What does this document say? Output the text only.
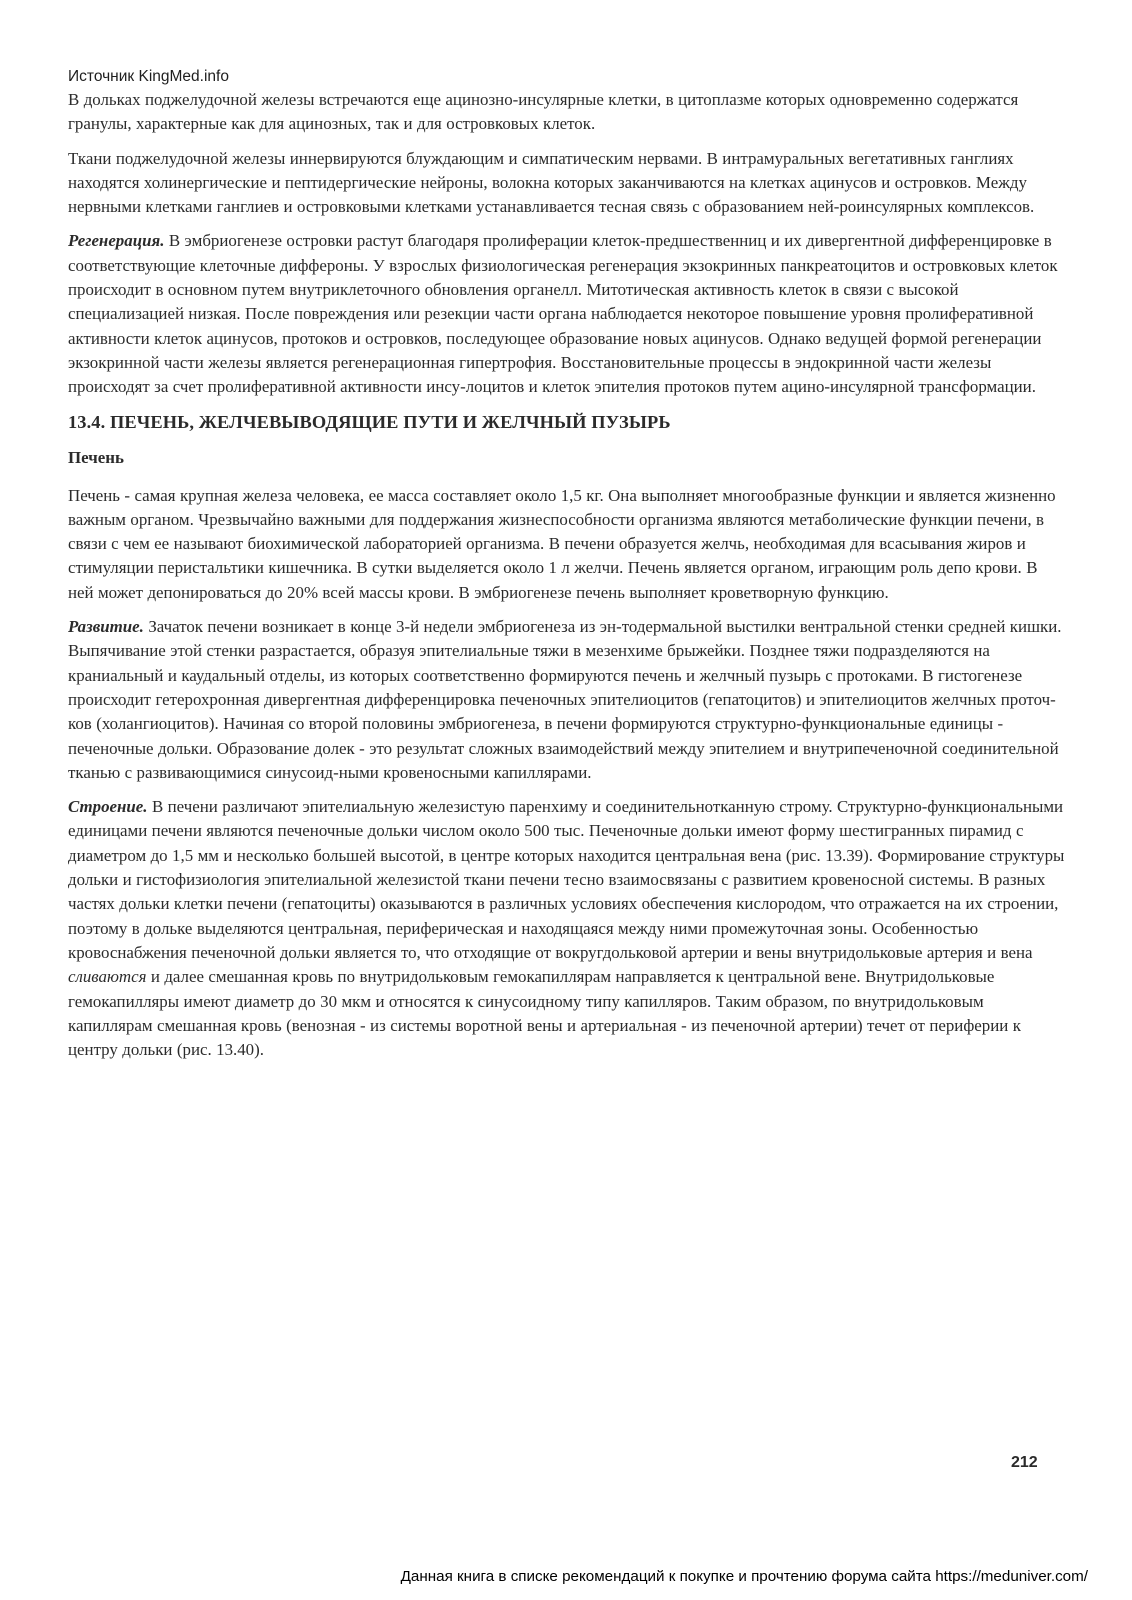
Источник KingMed.info

В дольках поджелудочной железы встречаются еще ацинозно-инсулярные клетки, в цитоплазме которых одновременно содержатся гранулы, характерные как для ацинозных, так и для островковых клеток.

Ткани поджелудочной железы иннервируются блуждающим и симпатическим нервами. В интрамуральных вегетативных ганглиях находятся холинергические и пептидергические нейроны, волокна которых заканчиваются на клетках ацинусов и островков. Между нервными клетками ганглиев и островковыми клетками устанавливается тесная связь с образованием ней-роинсулярных комплексов.

Регенерация. В эмбриогенезе островки растут благодаря пролиферации клеток-предшественниц и их дивергентной дифференцировке в соответствующие клеточные диффероны. У взрослых физиологическая регенерация экзокринных панкреатоцитов и островковых клеток происходит в основном путем внутриклеточного обновления органелл. Митотическая активность клеток в связи с высокой специализацией низкая. После повреждения или резекции части органа наблюдается некоторое повышение уровня пролиферативной активности клеток ацинусов, протоков и островков, последующее образование новых ацинусов. Однако ведущей формой регенерации экзокринной части железы является регенерационная гипертрофия. Восстановительные процессы в эндокринной части железы происходят за счет пролиферативной активности инсу-лоцитов и клеток эпителия протоков путем ацино-инсулярной трансформации.

13.4. ПЕЧЕНЬ, ЖЕЛЧЕВЫВОДЯЩИЕ ПУТИ И ЖЕЛЧНЫЙ ПУЗЫРЬ
Печень

Печень - самая крупная железа человека, ее масса составляет около 1,5 кг. Она выполняет многообразные функции и является жизненно важным органом. Чрезвычайно важными для поддержания жизнеспособности организма являются метаболические функции печени, в связи с чем ее называют биохимической лабораторией организма. В печени образуется желчь, необходимая для всасывания жиров и стимуляции перистальтики кишечника. В сутки выделяется около 1 л желчи. Печень является органом, играющим роль депо крови. В ней может депонироваться до 20% всей массы крови. В эмбриогенезе печень выполняет кроветворную функцию.

Развитие. Зачаток печени возникает в конце 3-й недели эмбриогенеза из эн-тодермальной выстилки вентральной стенки средней кишки. Выпячивание этой стенки разрастается, образуя эпителиальные тяжи в мезенхиме брыжейки. Позднее тяжи подразделяются на краниальный и каудальный отделы, из которых соответственно формируются печень и желчный пузырь с протоками. В гистогенезе происходит гетерохронная дивергентная дифференцировка печеночных эпителиоцитов (гепатоцитов) и эпителиоцитов желчных проточ-ков (холангиоцитов). Начиная со второй половины эмбриогенеза, в печени формируются структурно-функциональные единицы - печеночные дольки. Образование долек - это результат сложных взаимодействий между эпителием и внутрипеченочной соединительной тканью с развивающимися синусоид-ными кровеносными капиллярами.

Строение. В печени различают эпителиальную железистую паренхиму и соединительнотканную строму. Структурно-функциональными единицами печени являются печеночные дольки числом около 500 тыс. Печеночные дольки имеют форму шестигранных пирамид с диаметром до 1,5 мм и несколько большей высотой, в центре которых находится центральная вена (рис. 13.39). Формирование структуры дольки и гистофизиология эпителиальной железистой ткани печени тесно взаимосвязаны с развитием кровеносной системы. В разных частях дольки клетки печени (гепатоциты) оказываются в различных условиях обеспечения кислородом, что отражается на их строении, поэтому в дольке выделяются центральная, периферическая и находящаяся между ними промежуточная зоны. Особенностью кровоснабжения печеночной дольки является то, что отходящие от вокругдольковой артерии и вены внутридольковые артерия и вена сливаются и далее смешанная кровь по внутридольковым гемокапиллярам направляется к центральной вене. Внутридольковые гемокапилляры имеют диаметр до 30 мкм и относятся к синусоидному типу капилляров. Таким образом, по внутридольковым капиллярам смешанная кровь (венозная - из системы воротной вены и артериальная - из печеночной артерии) течет от периферии к центру дольки (рис. 13.40).

212
Данная книга в списке рекомендаций к покупке и прочтению форума сайта https://meduniver.com/
